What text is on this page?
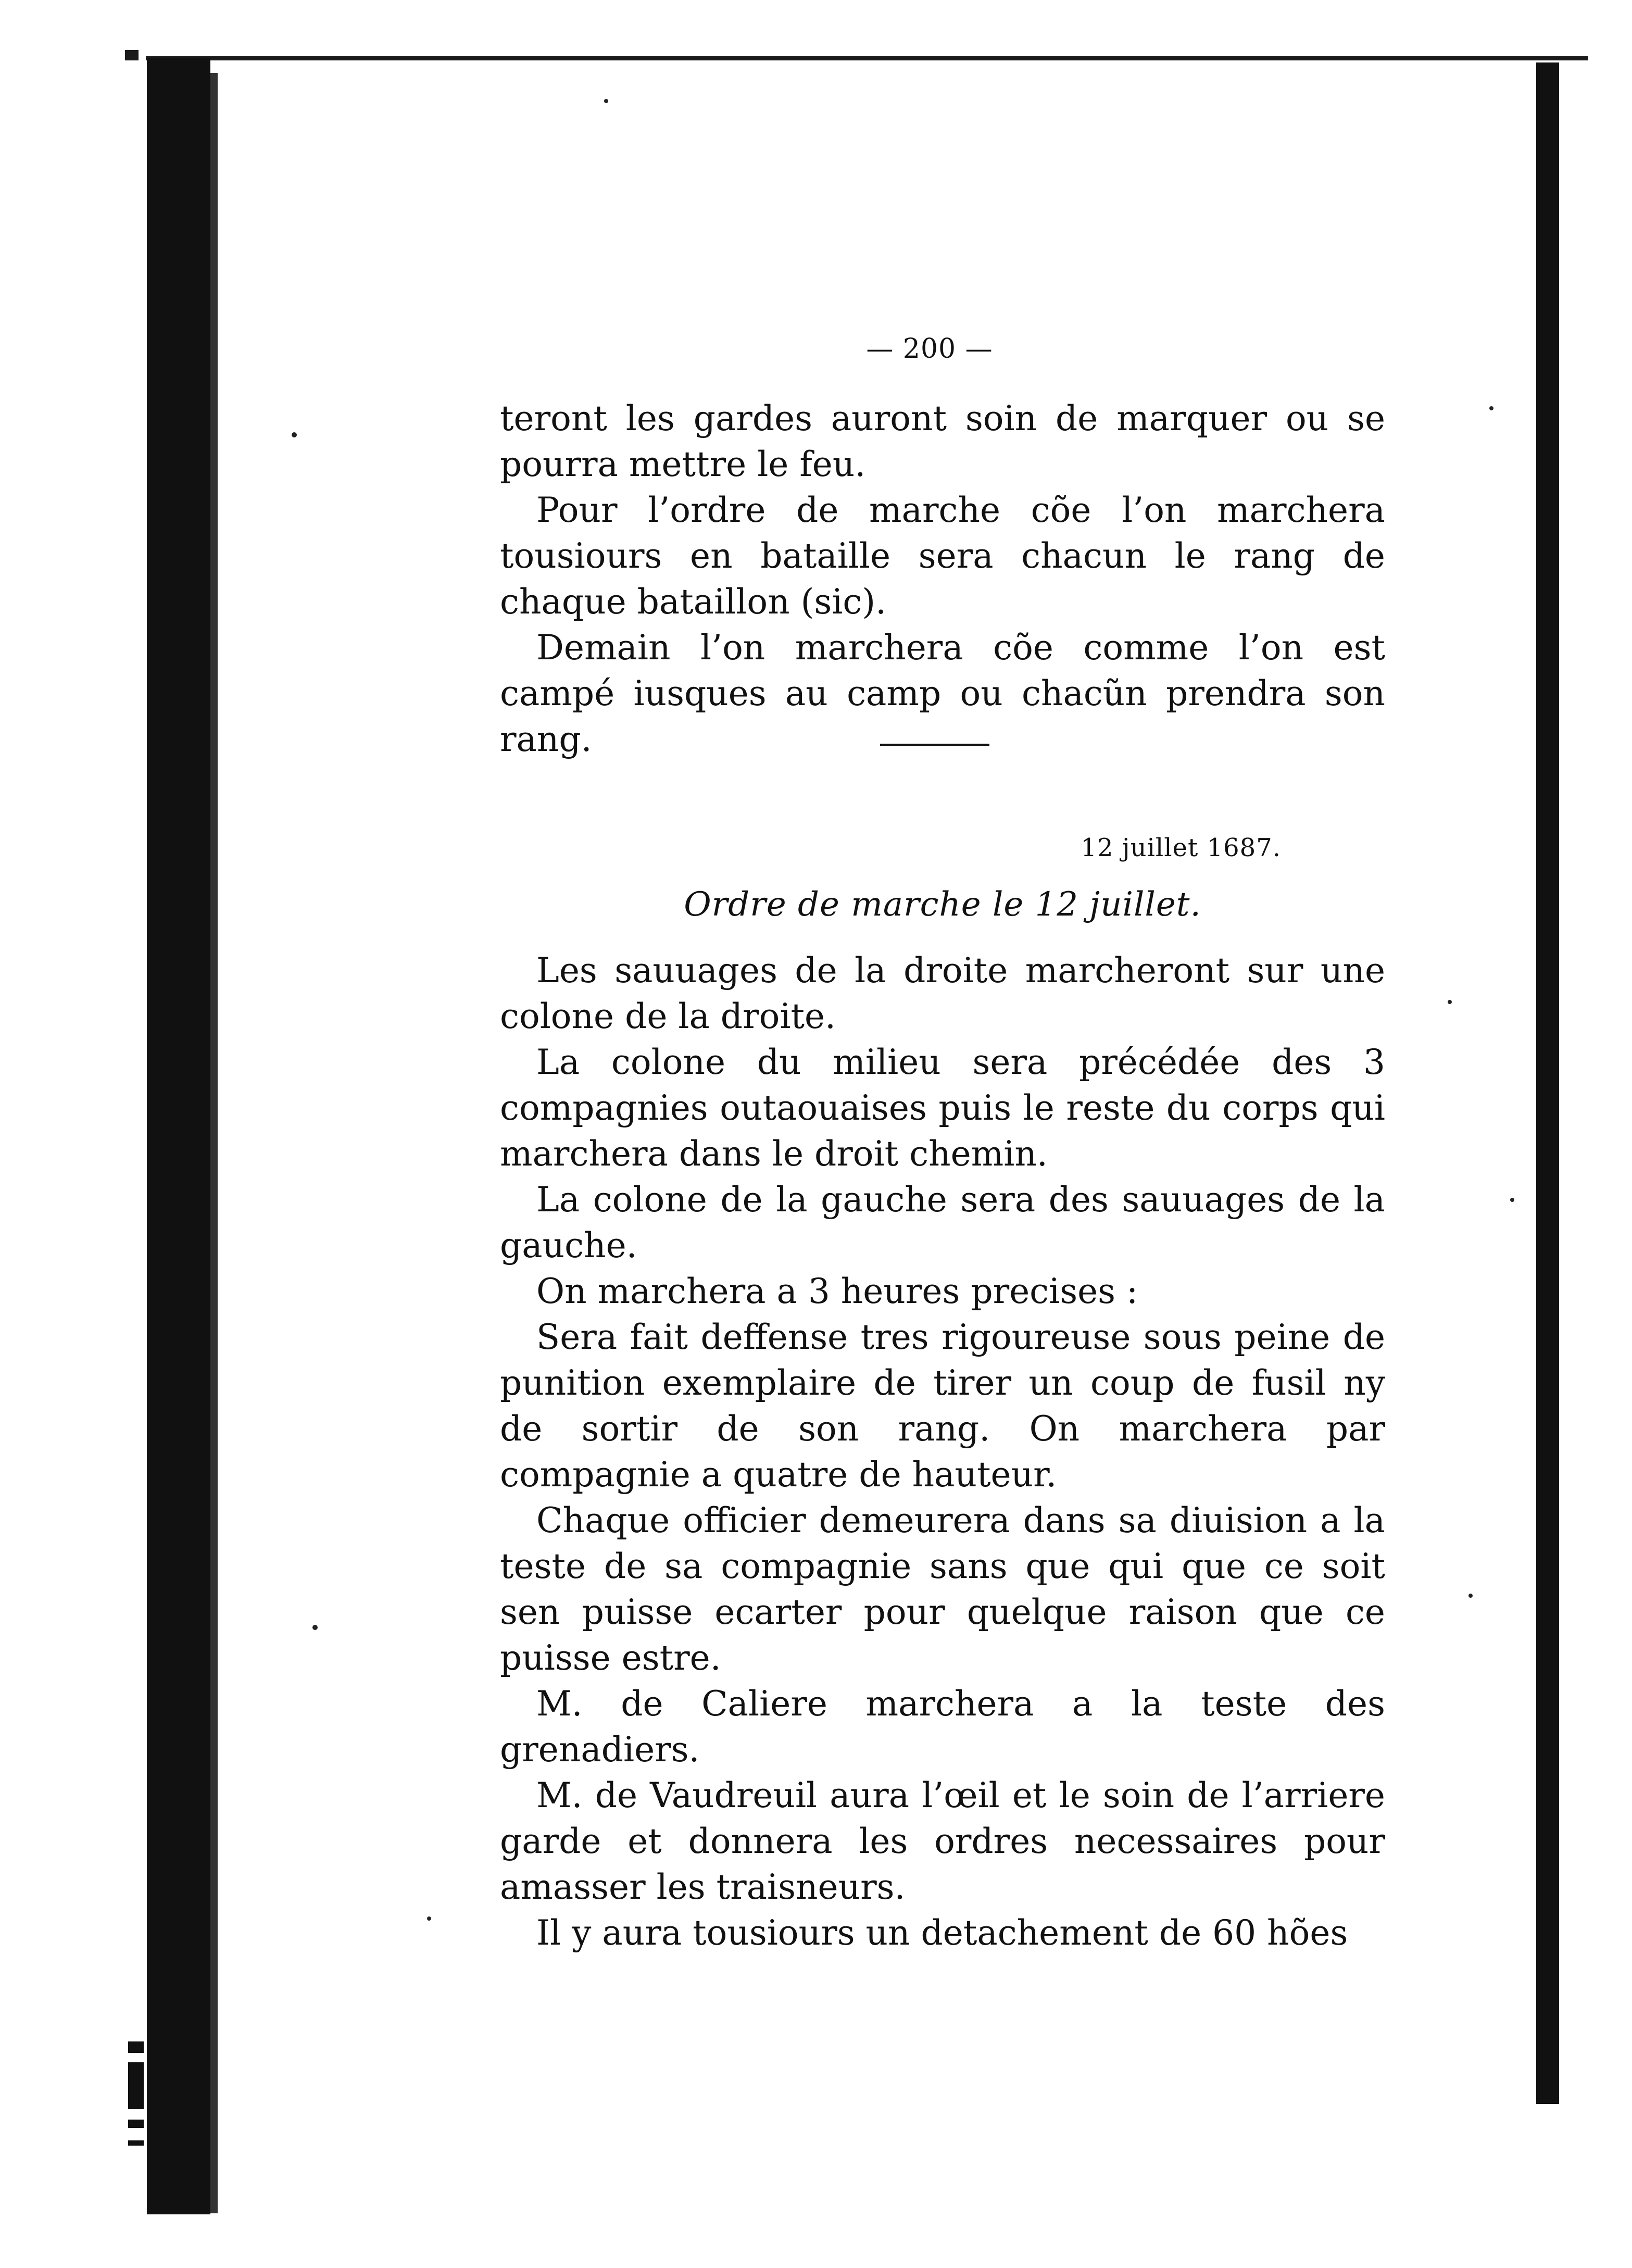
— 200 —

teront les gardes auront soin de marquer ou se pourra mettre le feu.

Pour l’ordre de marche cõe l’on marchera tousiours en bataille sera chacun le rang de chaque bataillon (sic).

Demain l’on marchera cõe comme l’on est campé iusques au camp ou chacũn prendra son rang.

12 juillet 1687.
Ordre de marche le 12 juillet.

Les sauuages de la droite marcheront sur une colone de la droite.

La colone du milieu sera précédée des 3 compagnies outaouaises puis le reste du corps qui marchera dans le droit chemin.

La colone de la gauche sera des sauuages de la gauche.

On marchera a 3 heures precises :

Sera fait deffense tres rigoureuse sous peine de punition exemplaire de tirer un coup de fusil ny de sortir de son rang. On marchera par compagnie a quatre de hauteur.

Chaque officier demeurera dans sa diuision a la teste de sa compagnie sans que qui que ce soit sen puisse ecarter pour quelque raison que ce puisse estre.

M. de Caliere marchera a la teste des grenadiers.

M. de Vaudreuil aura l’œil et le soin de l’arriere garde et donnera les ordres necessaires pour amasser les traisneurs.

Il y aura tousiours un detachement de 60 hões
